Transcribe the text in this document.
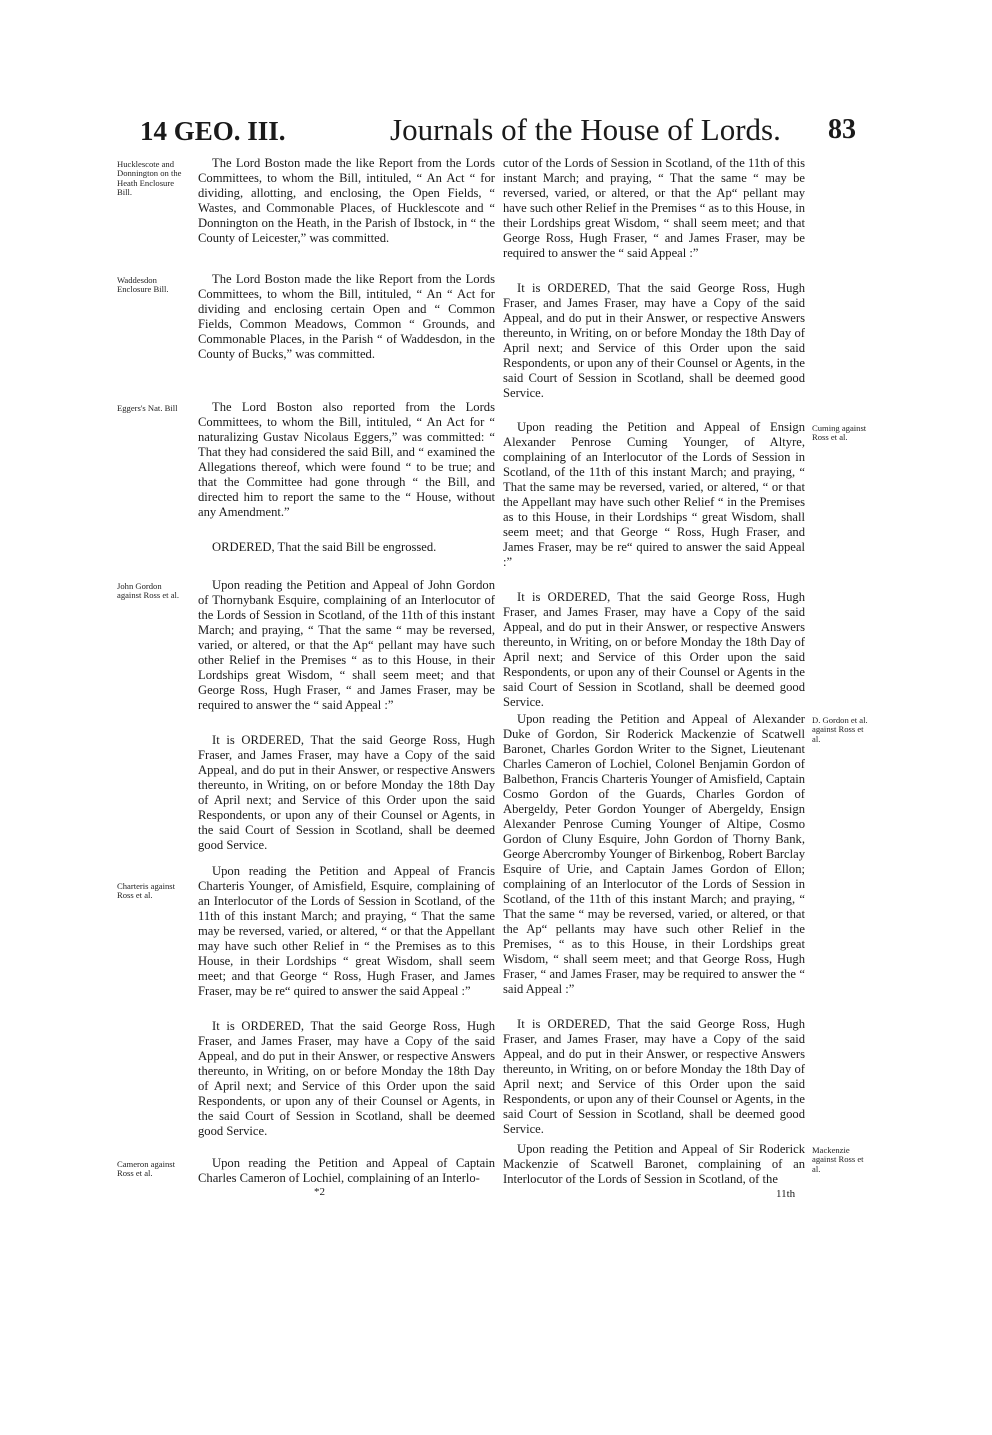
14 GEO. III.	Journals of the House of Lords. 83
Hucklescote and Donnington on the Heath Enclosure Bill.
Waddesdon Enclosure Bill.
Eggers's Nat. Bill
John Gordon against Ross et al.
Charteris against Ross et al.
Cameron against Ross et al.
Cuming against Ross et al.
D. Gordon et al. against Ross et al.
Mackenzie against Ross et al.

The Lord Boston made the like Report from the Lords Committees, to whom the Bill, intituled, “ An Act “ for dividing, allotting, and enclosing, the Open Fields, “ Wastes, and Commonable Places, of Hucklescote and “ Donnington on the Heath, in the Parish of Ibstock, in “ the County of Leicester,” was committed.

The Lord Boston made the like Report from the Lords Committees, to whom the Bill, intituled, “ An “ Act for dividing and enclosing certain Open and “ Common Fields, Common Meadows, Common “ Grounds, and Commonable Places, in the Parish “ of Waddesdon, in the County of Bucks,” was committed.

The Lord Boston also reported from the Lords Committees, to whom the Bill, intituled, “ An Act for “ naturalizing Gustav Nicolaus Eggers,” was committed: “ That they had considered the said Bill, and “ examined the Allegations thereof, which were found “ to be true; and that the Committee had gone through “ the Bill, and directed him to report the same to the “ House, without any Amendment.”

ORDERED, That the said Bill be engrossed.

Upon reading the Petition and Appeal of John Gordon of Thornybank Esquire, complaining of an Interlocutor of the Lords of Session in Scotland, of the 11th of this instant March; and praying, “ That the same “ may be reversed, varied, or altered, or that the Ap“ pellant may have such other Relief in the Premises “ as to this House, in their Lordships great Wisdom, “ shall seem meet; and that George Ross, Hugh Fraser, “ and James Fraser, may be required to answer the “ said Appeal :”

It is ORDERED, That the said George Ross, Hugh Fraser, and James Fraser, may have a Copy of the said Appeal, and do put in their Answer, or respective Answers thereunto, in Writing, on or before Monday the 18th Day of April next; and Service of this Order upon the said Respondents, or upon any of their Counsel or Agents, in the said Court of Session in Scotland, shall be deemed good Service.

Upon reading the Petition and Appeal of Francis Charteris Younger, of Amisfield, Esquire, complaining of an Interlocutor of the Lords of Session in Scotland, of the 11th of this instant March; and praying, “ That the same may be reversed, varied, or altered, “ or that the Appellant may have such other Relief in “ the Premises as to this House, in their Lordships “ great Wisdom, shall seem meet; and that George “ Ross, Hugh Fraser, and James Fraser, may be re“ quired to answer the said Appeal :”

It is ORDERED, That the said George Ross, Hugh Fraser, and James Fraser, may have a Copy of the said Appeal, and do put in their Answer, or respective Answers thereunto, in Writing, on or before Monday the 18th Day of April next; and Service of this Order upon the said Respondents, or upon any of their Counsel or Agents, in the said Court of Session in Scotland, shall be deemed good Service.

Upon reading the Petition and Appeal of Captain Charles Cameron of Lochiel, complaining of an Interlo-

cutor of the Lords of Session in Scotland, of the 11th of this instant March; and praying, “ That the same “ may be reversed, varied, or altered, or that the Ap“ pellant may have such other Relief in the Premises “ as to this House, in their Lordships great Wisdom, “ shall seem meet; and that George Ross, Hugh Fraser, “ and James Fraser, may be required to answer the “ said Appeal :”

It is ORDERED, That the said George Ross, Hugh Fraser, and James Fraser, may have a Copy of the said Appeal, and do put in their Answer, or respective Answers thereunto, in Writing, on or before Monday the 18th Day of April next; and Service of this Order upon the said Respondents, or upon any of their Counsel or Agents, in the said Court of Session in Scotland, shall be deemed good Service.

Upon reading the Petition and Appeal of Ensign Alexander Penrose Cuming Younger, of Altyre, complaining of an Interlocutor of the Lords of Session in Scotland, of the 11th of this instant March; and praying, “ That the same may be reversed, varied, or altered, “ or that the Appellant may have such other Relief “ in the Premises as to this House, in their Lordships “ great Wisdom, shall seem meet; and that George “ Ross, Hugh Fraser, and James Fraser, may be re“ quired to answer the said Appeal :”

It is ORDERED, That the said George Ross, Hugh Fraser, and James Fraser, may have a Copy of the said Appeal, and do put in their Answer, or respective Answers thereunto, in Writing, on or before Monday the 18th Day of April next; and Service of this Order upon the said Respondents, or upon any of their Counsel or Agents in the said Court of Session in Scotland, shall be deemed good Service.

Upon reading the Petition and Appeal of Alexander Duke of Gordon, Sir Roderick Mackenzie of Scatwell Baronet, Charles Gordon Writer to the Signet, Lieutenant Charles Cameron of Lochiel, Colonel Benjamin Gordon of Balbethon, Francis Charteris Younger of Amisfield, Captain Cosmo Gordon of the Guards, Charles Gordon of Abergeldy, Peter Gordon Younger of Abergeldy, Ensign Alexander Penrose Cuming Younger of Altipe, Cosmo Gordon of Cluny Esquire, John Gordon of Thorny Bank, George Abercromby Younger of Birkenbog, Robert Barclay Esquire of Urie, and Captain James Gordon of Ellon; complaining of an Interlocutor of the Lords of Session in Scotland, of the 11th of this instant March; and praying, “ That the same “ may be reversed, varied, or altered, or that the Ap“ pellants may have such other Relief in the Premises, “ as to this House, in their Lordships great Wisdom, “ shall seem meet; and that George Ross, Hugh Fraser, “ and James Fraser, may be required to answer the “ said Appeal :”

It is ORDERED, That the said George Ross, Hugh Fraser, and James Fraser, may have a Copy of the said Appeal, and do put in their Answer, or respective Answers thereunto, in Writing, on or before Monday the 18th Day of April next; and Service of this Order upon the said Respondents, or upon any of their Counsel or Agents, in the said Court of Session in Scotland, shall be deemed good Service.

Upon reading the Petition and Appeal of Sir Roderick Mackenzie of Scatwell Baronet, complaining of an Interlocutor of the Lords of Session in Scotland, of the

*2	11th
